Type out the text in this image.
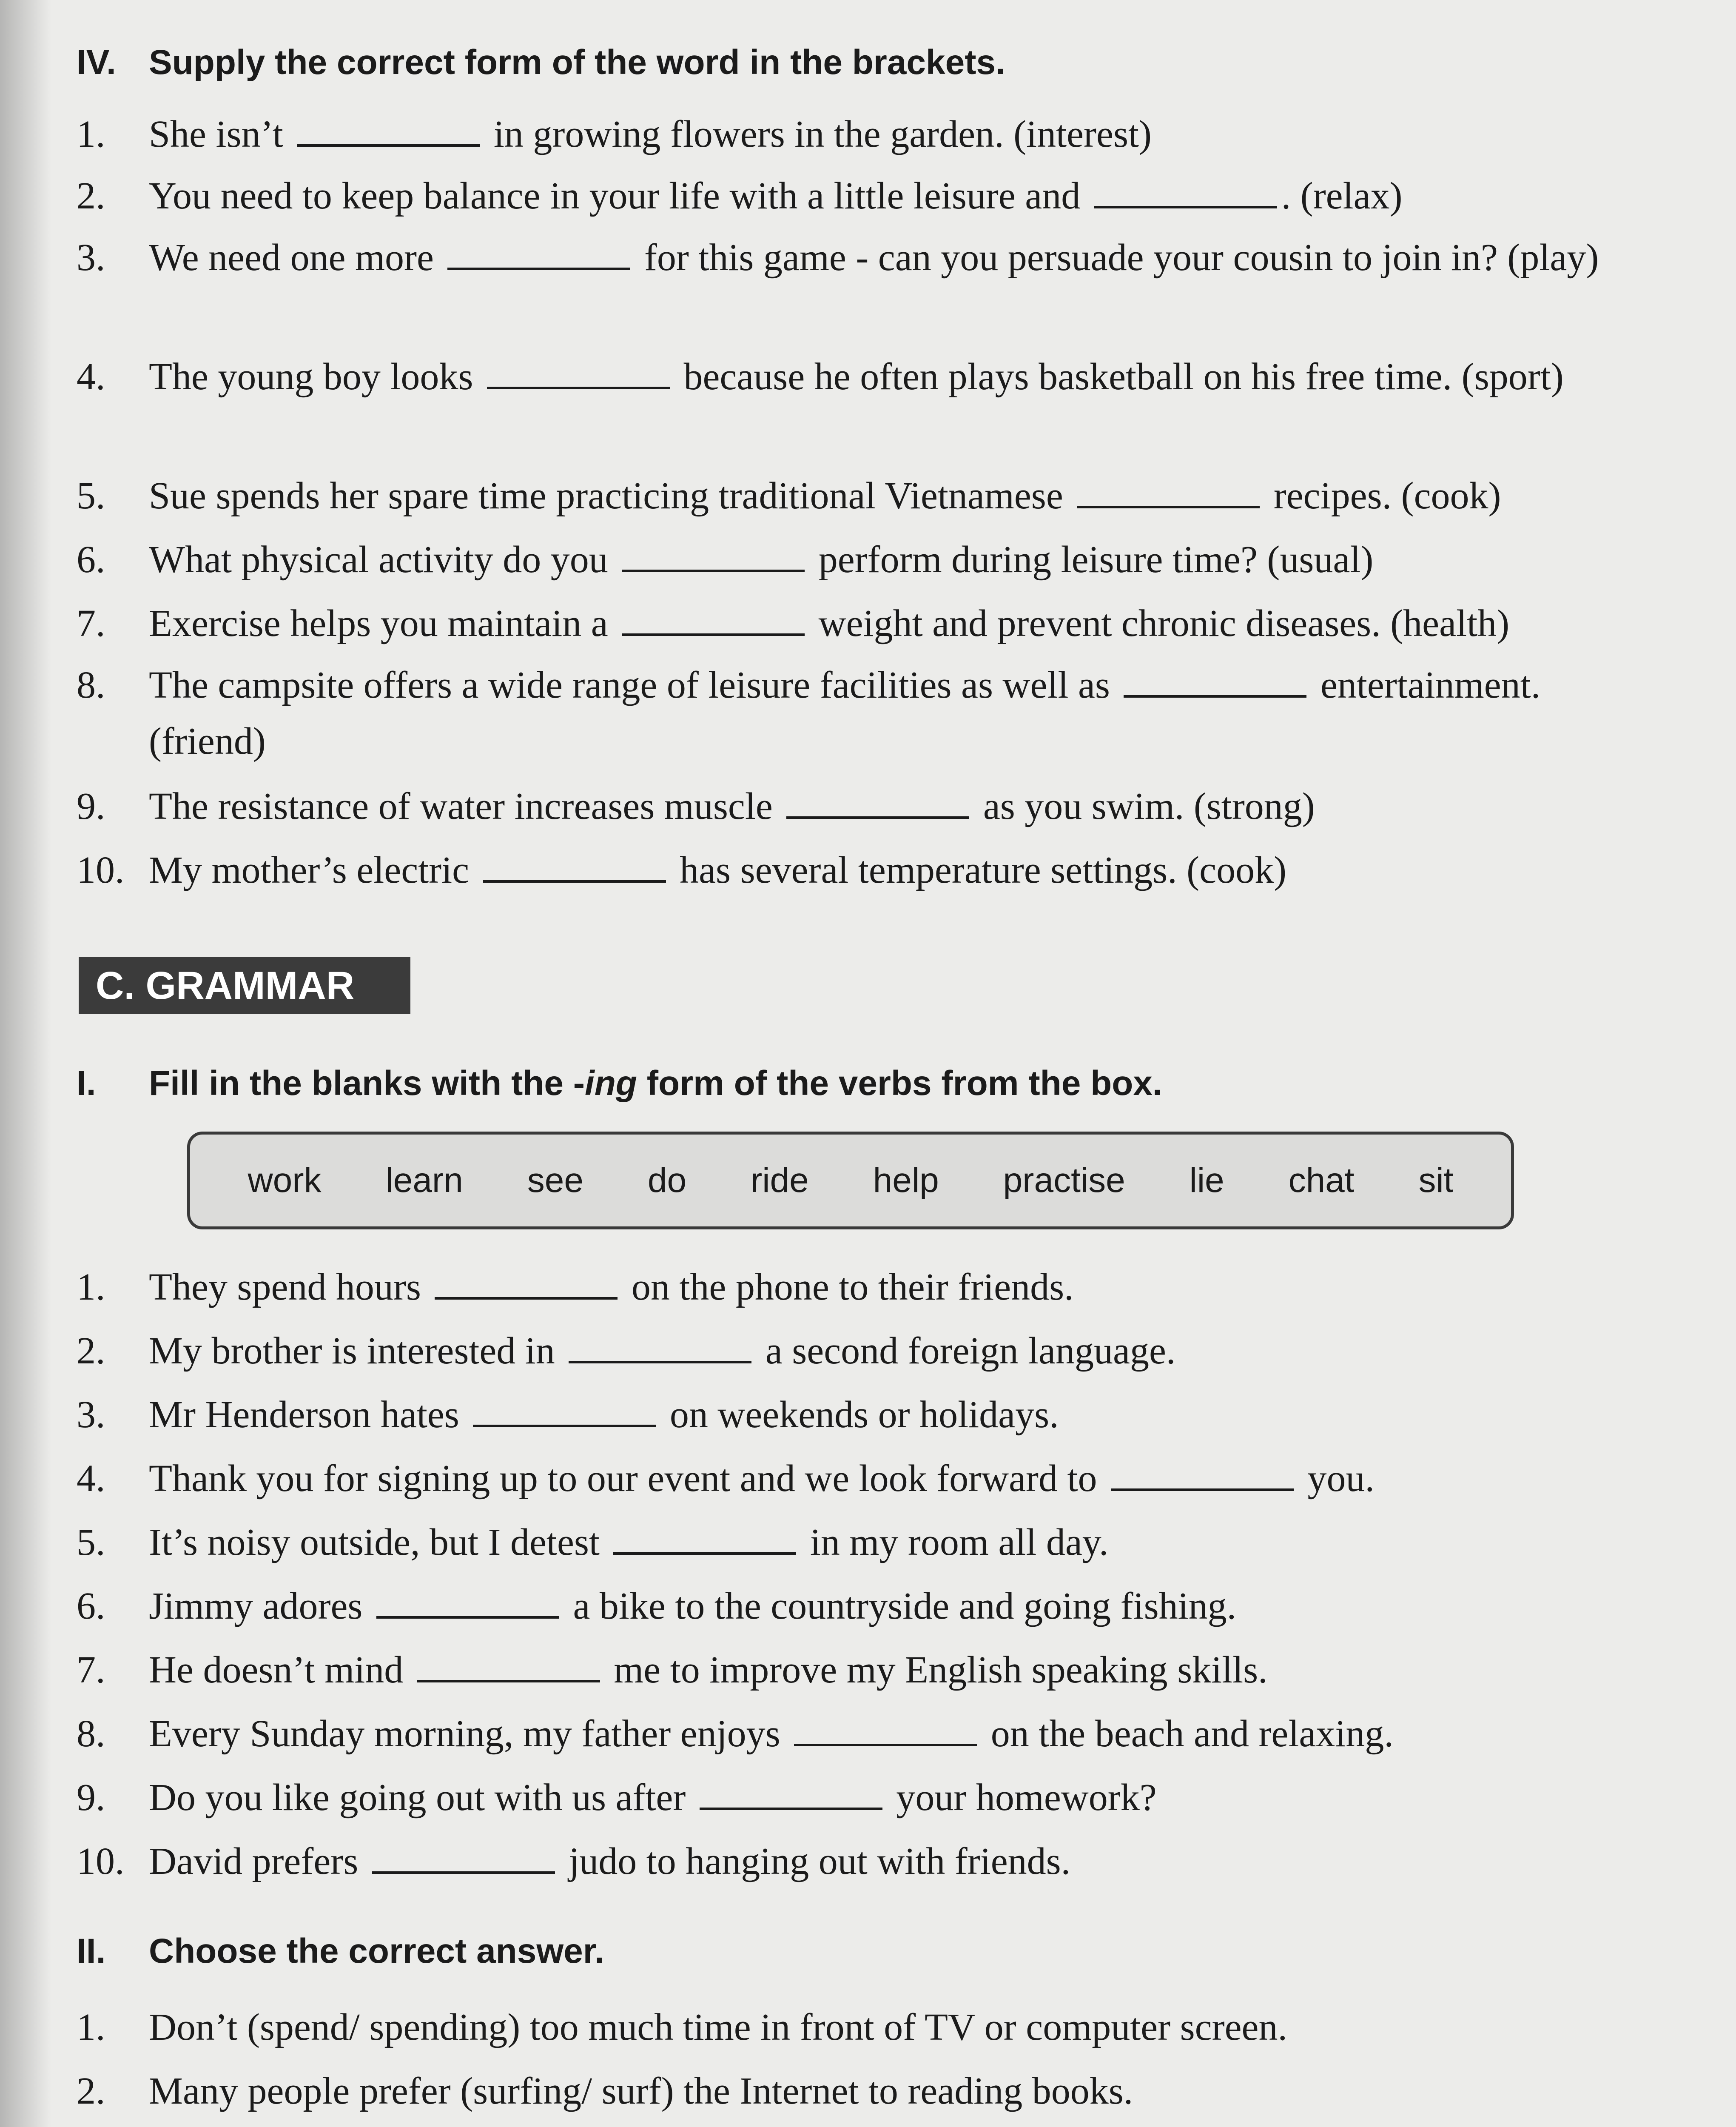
IV. Supply the correct form of the word in the brackets.
1.	She isn’t	in growing flowers in the garden. (interest)
2.	You need to keep balance in your life with a little leisure and	. (relax)
3.	We need one more	for this game - can you persuade your cousin to join in? (play)
4.	The young boy looks	because he often plays basketball on his free time. (sport)
5.	Sue spends her spare time practicing traditional Vietnamese	recipes. (cook)
6.	What physical activity do you	perform during leisure time? (usual)
7.	Exercise helps you maintain a	weight and prevent chronic diseases. (health)
8.	The campsite offers a wide range of leisure facilities as well as	entertainment. (friend)
9.	The resistance of water increases muscle	as you swim. (strong)
10. My mother’s electric	has several temperature settings. (cook)
C. GRAMMAR
I. Fill in the blanks with the -ing form of the verbs from the box.
work learn see do ride help practise lie chat sit
1.	They spend hours	on the phone to their friends.
2.	My brother is interested in	a second foreign language.
3.	Mr Henderson hates	on weekends or holidays.
4.	Thank you for signing up to our event and we look forward to	you.
5.	It’s noisy outside, but I detest	in my room all day.
6.	Jimmy adores	a bike to the countryside and going fishing.
7.	He doesn’t mind	me to improve my English speaking skills.
8.	Every Sunday morning, my father enjoys	on the beach and relaxing.
9.	Do you like going out with us after	your homework?
10. David prefers	judo to hanging out with friends.
II. Choose the correct answer.
1.	Don’t (spend/ spending) too much time in front of TV or computer screen.
2.	Many people prefer (surfing/ surf) the Internet to reading books.
